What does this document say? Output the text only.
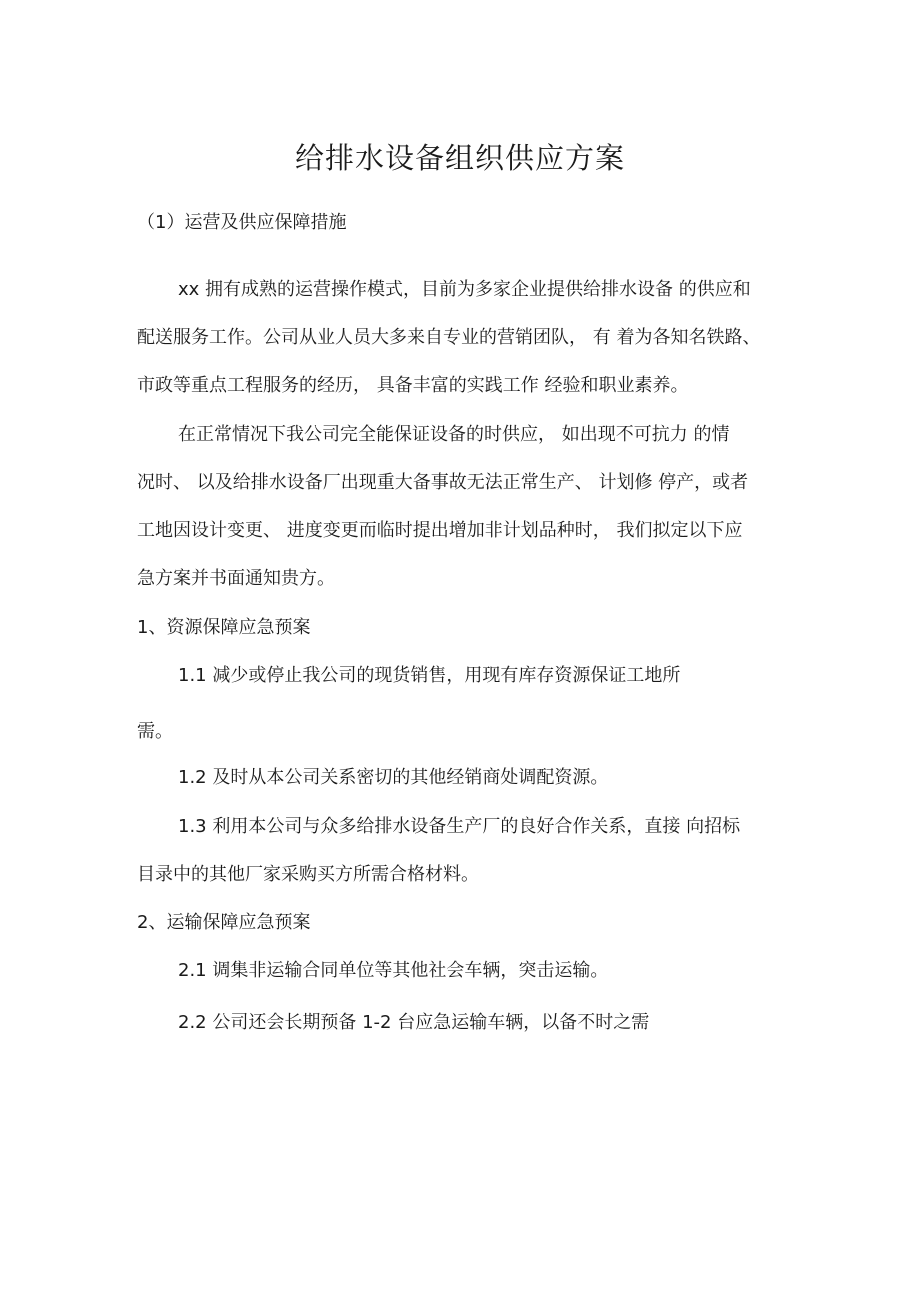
给排水设备组织供应方案
（1）运营及供应保障措施
xx 拥有成熟的运营操作模式，目前为多家企业提供给排水设备 的供应和
配送服务工作。公司从业人员大多来自专业的营销团队， 有 着为各知名铁路、
市政等重点工程服务的经历， 具备丰富的实践工作 经验和职业素养。
在正常情况下我公司完全能保证设备的时供应， 如出现不可抗力 的情
况时、 以及给排水设备厂出现重大备事故无法正常生产、 计划修 停产，或者
工地因设计变更、 进度变更而临时提出增加非计划品种时， 我们拟定以下应
急方案并书面通知贵方。
1、资源保障应急预案
1.1 减少或停止我公司的现货销售，用现有库存资源保证工地所
需。
1.2 及时从本公司关系密切的其他经销商处调配资源。
1.3 利用本公司与众多给排水设备生产厂的良好合作关系，直接 向招标
目录中的其他厂家采购买方所需合格材料。
2、运输保障应急预案
2.1 调集非运输合同单位等其他社会车辆，突击运输。
2.2 公司还会长期预备 1-2 台应急运输车辆，以备不时之需
